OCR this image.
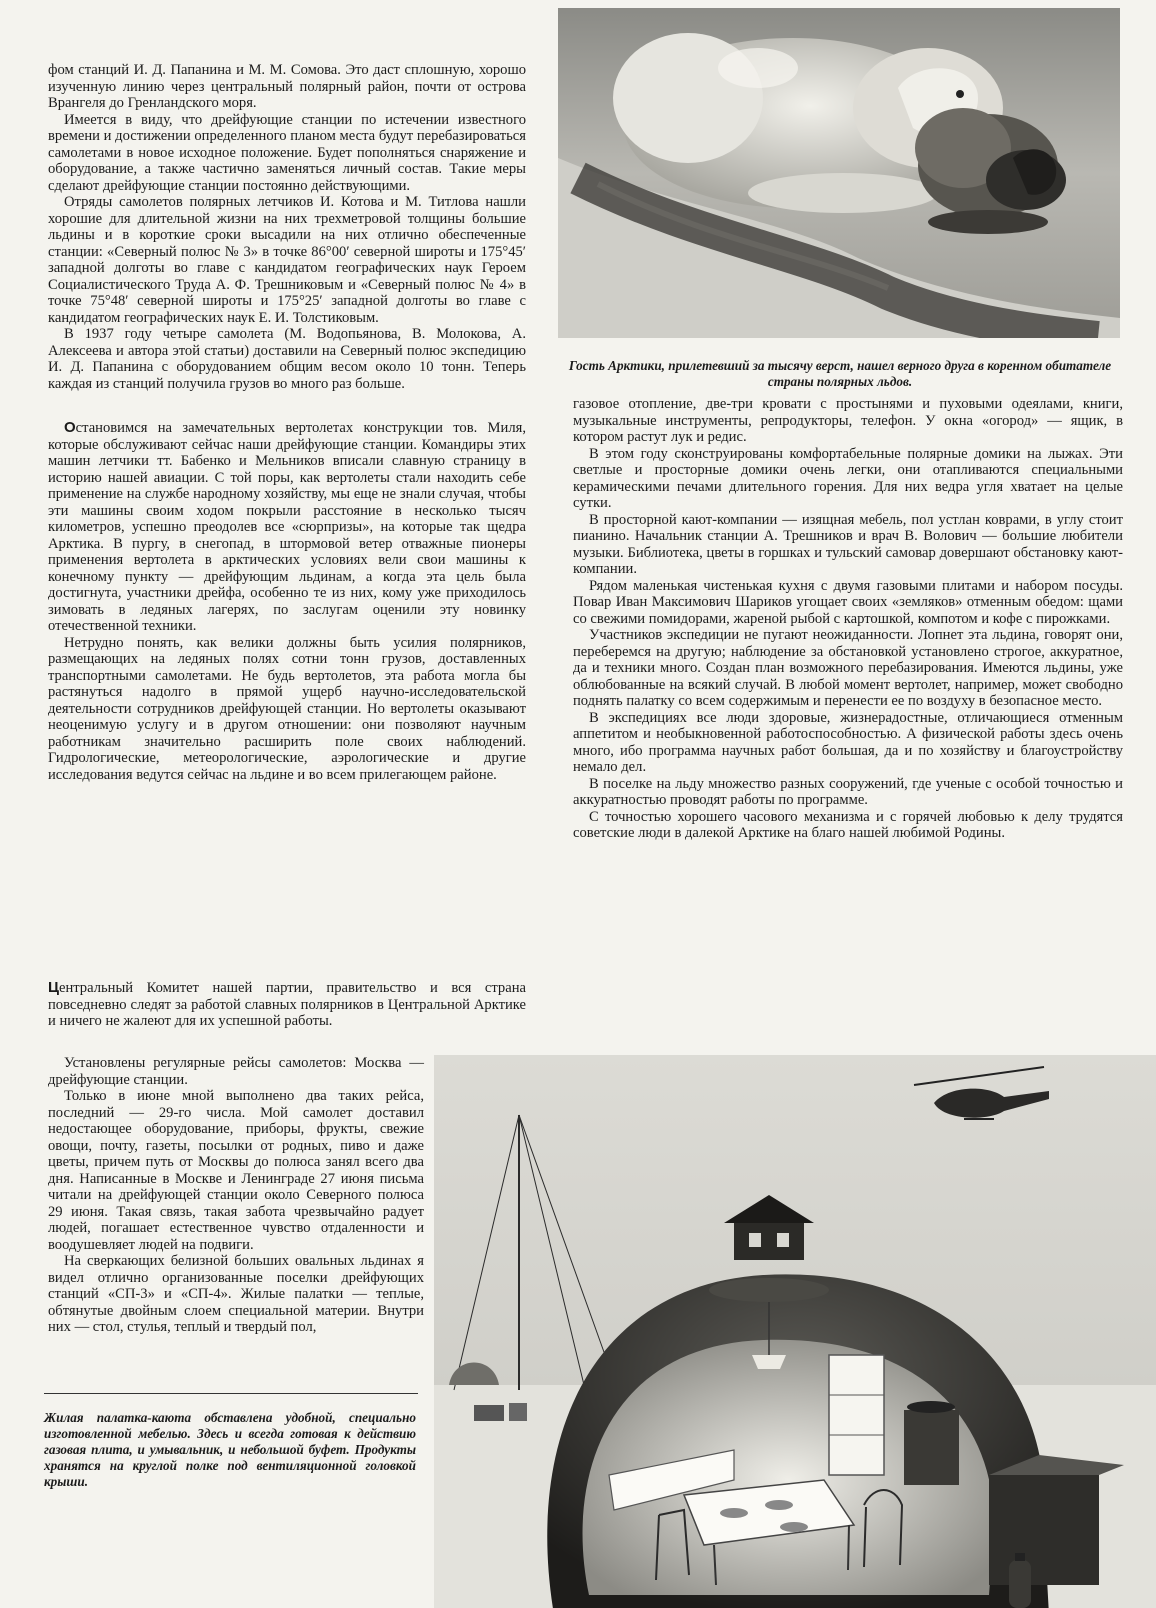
фом станций И. Д. Папанина и М. М. Сомова. Это даст сплошную, хорошо изученную линию через центральный полярный район, почти от острова Врангеля до Гренландского моря.

Имеется в виду, что дрейфующие станции по истечении известного времени и достижении определенного планом места будут перебазироваться самолетами в новое исходное положение. Будет пополняться снаряжение и оборудование, а также частично заменяться личный состав. Такие меры сделают дрейфующие станции постоянно действующими.

Отряды самолетов полярных летчиков И. Котова и М. Титлова нашли хорошие для длительной жизни на них трехметровой толщины большие льдины и в короткие сроки высадили на них отлично обеспеченные станции: «Северный полюс № 3» в точке 86°00′ северной широты и 175°45′ западной долготы во главе с кандидатом географических наук Героем Социалистического Труда А. Ф. Трешниковым и «Северный полюс № 4» в точке 75°48′ северной широты и 175°25′ западной долготы во главе с кандидатом географических наук Е. И. Толстиковым.

В 1937 году четыре самолета (М. Водопьянова, В. Молокова, А. Алексеева и автора этой статьи) доставили на Северный полюс экспедицию И. Д. Папанина с оборудованием общим весом около 10 тонн. Теперь каждая из станций получила грузов во много раз больше.

Остановимся на замечательных вертолетах конструкции тов. Миля, которые обслуживают сейчас наши дрейфующие станции. Командиры этих машин летчики тт. Бабенко и Мельников вписали славную страницу в историю нашей авиации. С той поры, как вертолеты стали находить себе применение на службе народному хозяйству, мы еще не знали случая, чтобы эти машины своим ходом покрыли расстояние в несколько тысяч километров, успешно преодолев все «сюрпризы», на которые так щедра Арктика. В пургу, в снегопад, в штормовой ветер отважные пионеры применения вертолета в арктических условиях вели свои машины к конечному пункту — дрейфующим льдинам, а когда эта цель была достигнута, участники дрейфа, особенно те из них, кому уже приходилось зимовать в ледяных лагерях, по заслугам оценили эту новинку отечественной техники.

Нетрудно понять, как велики должны быть усилия полярников, размещающих на ледяных полях сотни тонн грузов, доставленных транспортными самолетами. Не будь вертолетов, эта работа могла бы растянуться надолго в прямой ущерб научно-исследовательской деятельности сотрудников дрейфующей станции. Но вертолеты оказывают неоценимую услугу и в другом отношении: они позволяют научным работникам значительно расширить поле своих наблюдений. Гидрологические, метеорологические, аэрологические и другие исследования ведутся сейчас на льдине и во всем прилегающем районе.

Центральный Комитет нашей партии, правительство и вся страна повседневно следят за работой славных полярников в Центральной Арктике и ничего не жалеют для их успешной работы.

Установлены регулярные рейсы самолетов: Москва — дрейфующие станции.

Только в июне мной выполнено два таких рейса, последний — 29-го числа. Мой самолет доставил недостающее оборудование, приборы, фрукты, свежие овощи, почту, газеты, посылки от родных, пиво и даже цветы, причем путь от Москвы до полюса занял всего два дня. Написанные в Москве и Ленинграде 27 июня письма читали на дрейфующей станции около Северного полюса 29 июня. Такая связь, такая забота чрезвычайно радует людей, погашает естественное чувство отдаленности и воодушевляет людей на подвиги.

На сверкающих белизной больших овальных льдинах я видел отлично организованные поселки дрейфующих станций «СП-3» и «СП-4». Жилые палатки — теплые, обтянутые двойным слоем специальной материи. Внутри них — стол, стулья, теплый и твердый пол,

газовое отопление, две-три кровати с простынями и пуховыми одеялами, книги, музыкальные инструменты, репродукторы, телефон. У окна «огород» — ящик, в котором растут лук и редис.

В этом году сконструированы комфортабельные полярные домики на лыжах. Эти светлые и просторные домики очень легки, они отапливаются специальными керамическими печами длительного горения. Для них ведра угля хватает на целые сутки.

В просторной кают-компании — изящная мебель, пол устлан коврами, в углу стоит пианино. Начальник станции А. Трешников и врач В. Волович — большие любители музыки. Библиотека, цветы в горшках и тульский самовар довершают обстановку кают-компании.

Рядом маленькая чистенькая кухня с двумя газовыми плитами и набором посуды. Повар Иван Максимович Шариков угощает своих «земляков» отменным обедом: щами со свежими помидорами, жареной рыбой с картошкой, компотом и кофе с пирожками.

Участников экспедиции не пугают неожиданности. Лопнет эта льдина, говорят они, переберемся на другую; наблюдение за обстановкой установлено строгое, аккуратное, да и техники много. Создан план возможного перебазирования. Имеются льдины, уже облюбованные на всякий случай. В любой момент вертолет, например, может свободно поднять палатку со всем содержимым и перенести ее по воздуху в безопасное место.

В экспедициях все люди здоровые, жизнерадостные, отличающиеся отменным аппетитом и необыкновенной работоспособностью. А физической работы здесь очень много, ибо программа научных работ большая, да и по хозяйству и благоустройству немало дел.

В поселке на льду множество разных сооружений, где ученые с особой точностью и аккуратностью проводят работы по программе.

С точностью хорошего часового механизма и с горячей любовью к делу трудятся советские люди в далекой Арктике на благо нашей любимой Родины.

Гость Арктики, прилетевший за тысячу верст, нашел верного друга в коренном обитателе страны полярных льдов.
Жилая палатка-каюта обставлена удобной, специально изготовленной мебелью. Здесь и всегда готовая к действию газовая плита, и умывальник, и небольшой буфет. Продукты хранятся на круглой полке под вентиляционной головкой крыши.
